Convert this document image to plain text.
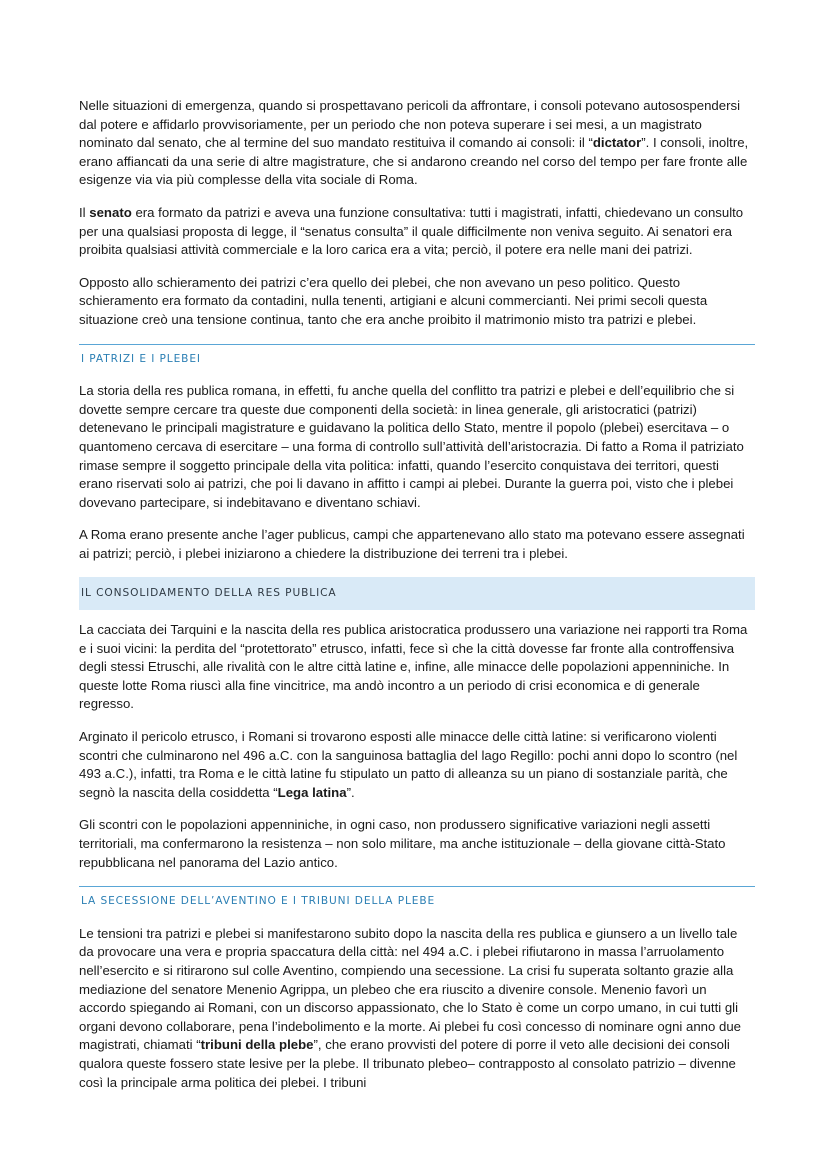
Nelle situazioni di emergenza, quando si prospettavano pericoli da affrontare, i consoli potevano autosospendersi dal potere e affidarlo provvisoriamente, per un periodo che non poteva superare i sei mesi, a un magistrato nominato dal senato, che al termine del suo mandato restituiva il comando ai consoli: il “dictator”. I consoli, inoltre, erano affiancati da una serie di altre magistrature, che si andarono creando nel corso del tempo per fare fronte alle esigenze via via più complesse della vita sociale di Roma.

Il senato era formato da patrizi e aveva una funzione consultativa: tutti i magistrati, infatti, chiedevano un consulto per una qualsiasi proposta di legge, il “senatus consulta” il quale difficilmente non veniva seguito. Ai senatori era proibita qualsiasi attività commerciale e la loro carica era a vita; perciò, il potere era nelle mani dei patrizi.

Opposto allo schieramento dei patrizi c’era quello dei plebei, che non avevano un peso politico. Questo schieramento era formato da contadini, nulla tenenti, artigiani e alcuni commercianti. Nei primi secoli questa situazione creò una tensione continua, tanto che era anche proibito il matrimonio misto tra patrizi e plebei.

I PATRIZI E I PLEBEI

La storia della res publica romana, in effetti, fu anche quella del conflitto tra patrizi e plebei e dell’equilibrio che si dovette sempre cercare tra queste due componenti della società: in linea generale, gli aristocratici (patrizi) detenevano le principali magistrature e guidavano la politica dello Stato, mentre il popolo (plebei) esercitava – o quantomeno cercava di esercitare – una forma di controllo sull’attività dell’aristocrazia. Di fatto a Roma il patriziato rimase sempre il soggetto principale della vita politica: infatti, quando l’esercito conquistava dei territori, questi erano riservati solo ai patrizi, che poi li davano in affitto i campi ai plebei. Durante la guerra poi, visto che i plebei dovevano partecipare, si indebitavano e diventano schiavi.

A Roma erano presente anche l’ager publicus, campi che appartenevano allo stato ma potevano essere assegnati ai patrizi; perciò, i plebei iniziarono a chiedere la distribuzione dei terreni tra i plebei.

IL CONSOLIDAMENTO DELLA RES PUBLICA

La cacciata dei Tarquini e la nascita della res publica aristocratica produssero una variazione nei rapporti tra Roma e i suoi vicini: la perdita del “protettorato” etrusco, infatti, fece sì che la città dovesse far fronte alla controffensiva degli stessi Etruschi, alle rivalità con le altre città latine e, infine, alle minacce delle popolazioni appenniniche. In queste lotte Roma riuscì alla fine vincitrice, ma andò incontro a un periodo di crisi economica e di generale regresso.

Arginato il pericolo etrusco, i Romani si trovarono esposti alle minacce delle città latine: si verificarono violenti scontri che culminarono nel 496 a.C. con la sanguinosa battaglia del lago Regillo: pochi anni dopo lo scontro (nel 493 a.C.), infatti, tra Roma e le città latine fu stipulato un patto di alleanza su un piano di sostanziale parità, che segnò la nascita della cosiddetta “Lega latina”.

Gli scontri con le popolazioni appenniniche, in ogni caso, non produssero significative variazioni negli assetti territoriali, ma confermarono la resistenza – non solo militare, ma anche istituzionale – della giovane città-Stato repubblicana nel panorama del Lazio antico.

LA SECESSIONE DELL’AVENTINO E I TRIBUNI DELLA PLEBE

Le tensioni tra patrizi e plebei si manifestarono subito dopo la nascita della res publica e giunsero a un livello tale da provocare una vera e propria spaccatura della città: nel 494 a.C. i plebei rifiutarono in massa l’arruolamento nell’esercito e si ritirarono sul colle Aventino, compiendo una secessione. La crisi fu superata soltanto grazie alla mediazione del senatore Menenio Agrippa, un plebeo che era riuscito a divenire console. Menenio favorì un accordo spiegando ai Romani, con un discorso appassionato, che lo Stato è come un corpo umano, in cui tutti gli organi devono collaborare, pena l’indebolimento e la morte. Ai plebei fu così concesso di nominare ogni anno due magistrati, chiamati “tribuni della plebe”, che erano provvisti del potere di porre il veto alle decisioni dei consoli qualora queste fossero state lesive per la plebe. Il tribunato plebeo– contrapposto al consolato patrizio – divenne così la principale arma politica dei plebei. I tribuni
